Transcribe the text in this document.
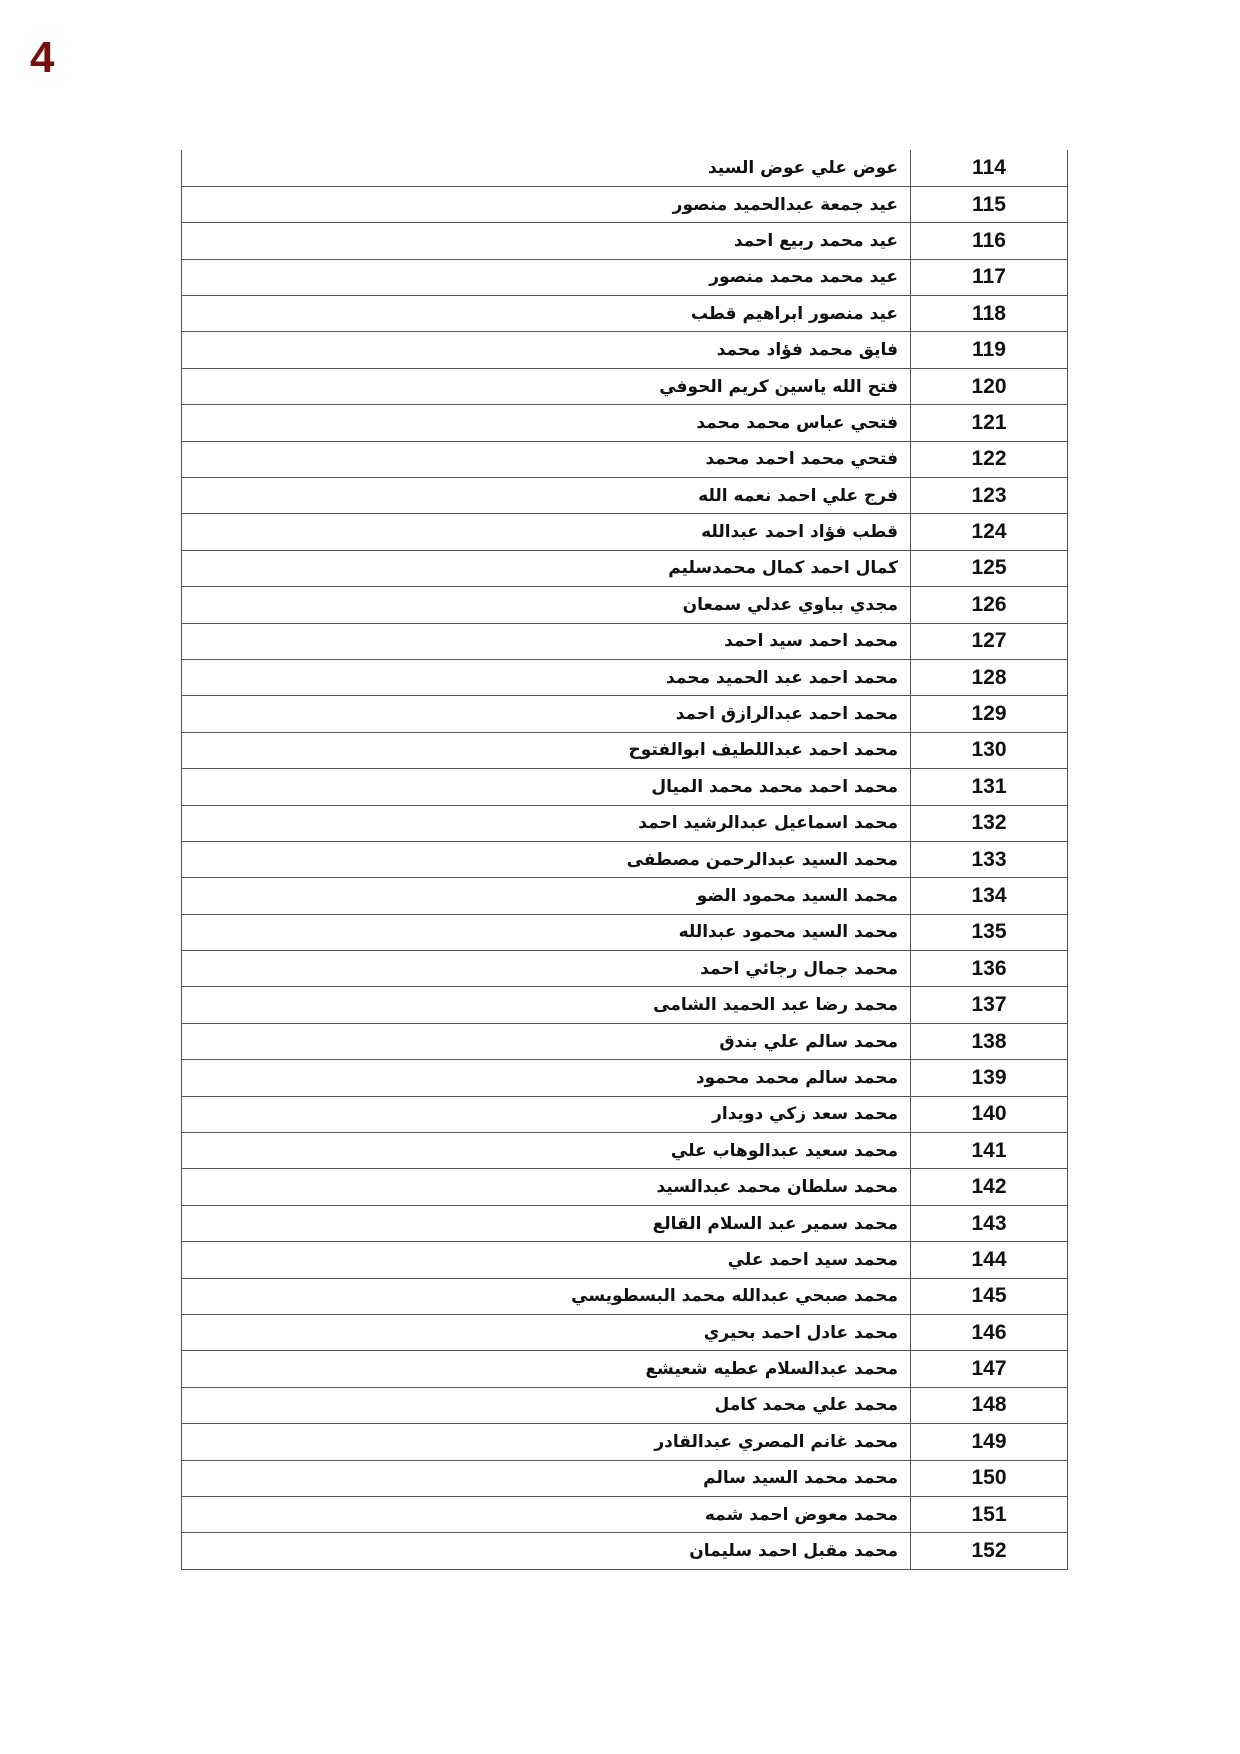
4
عوض علي عوض السيد	114
عيد جمعة عبدالحميد منصور	115
عيد محمد ربيع احمد	116
عيد محمد محمد منصور	117
عيد منصور ابراهيم قطب	118
فايق محمد فؤاد محمد	119
فتح الله ياسين كريم الحوفي	120
فتحي عباس محمد محمد	121
فتحي محمد احمد محمد	122
فرج علي احمد نعمه الله	123
قطب فؤاد احمد عبدالله	124
كمال احمد كمال محمدسليم	125
مجدي بباوي عدلي سمعان	126
محمد احمد سيد احمد	127
محمد احمد عبد الحميد محمد	128
محمد احمد عبدالرازق احمد	129
محمد احمد عبداللطيف ابوالفتوح	130
محمد احمد محمد محمد الميال	131
محمد اسماعيل عبدالرشيد احمد	132
محمد السيد عبدالرحمن مصطفى	133
محمد السيد محمود الضو	134
محمد السيد محمود عبدالله	135
محمد جمال رجائي احمد	136
محمد رضا عبد الحميد الشامى	137
محمد سالم علي بندق	138
محمد سالم محمد محمود	139
محمد سعد زكي دويدار	140
محمد سعيد عبدالوهاب علي	141
محمد سلطان محمد عبدالسيد	142
محمد سمير عبد السلام القالع	143
محمد سيد احمد علي	144
محمد صبحي عبدالله محمد البسطويسي	145
محمد عادل احمد بحيري	146
محمد عبدالسلام عطيه شعيشع	147
محمد علي محمد كامل	148
محمد غانم المصري عبدالقادر	149
محمد محمد السيد سالم	150
محمد معوض احمد شمه	151
محمد مقبل احمد سليمان	152
